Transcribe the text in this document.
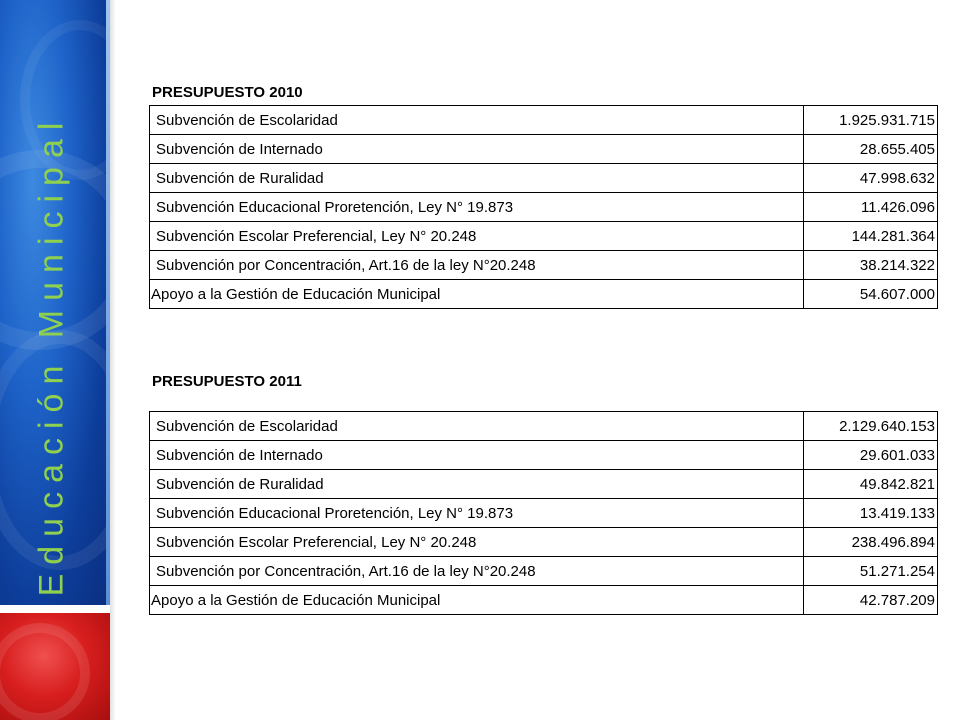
Educación Municipal
PRESUPUESTO 2010
Subvención de Escolaridad	1.925.931.715
Subvención de Internado	28.655.405
Subvención de Ruralidad	47.998.632
Subvención Educacional Proretención, Ley N° 19.873	11.426.096
Subvención Escolar Preferencial, Ley N° 20.248	144.281.364
Subvención por Concentración, Art.16 de la ley N°20.248	38.214.322
Apoyo a la Gestión de Educación Municipal	54.607.000
PRESUPUESTO 2011
Subvención de Escolaridad	2.129.640.153
Subvención de Internado	29.601.033
Subvención de Ruralidad	49.842.821
Subvención Educacional Proretención, Ley N° 19.873	13.419.133
Subvención Escolar Preferencial, Ley N° 20.248	238.496.894
Subvención por Concentración, Art.16 de la ley N°20.248	51.271.254
Apoyo a la Gestión de Educación Municipal	42.787.209
